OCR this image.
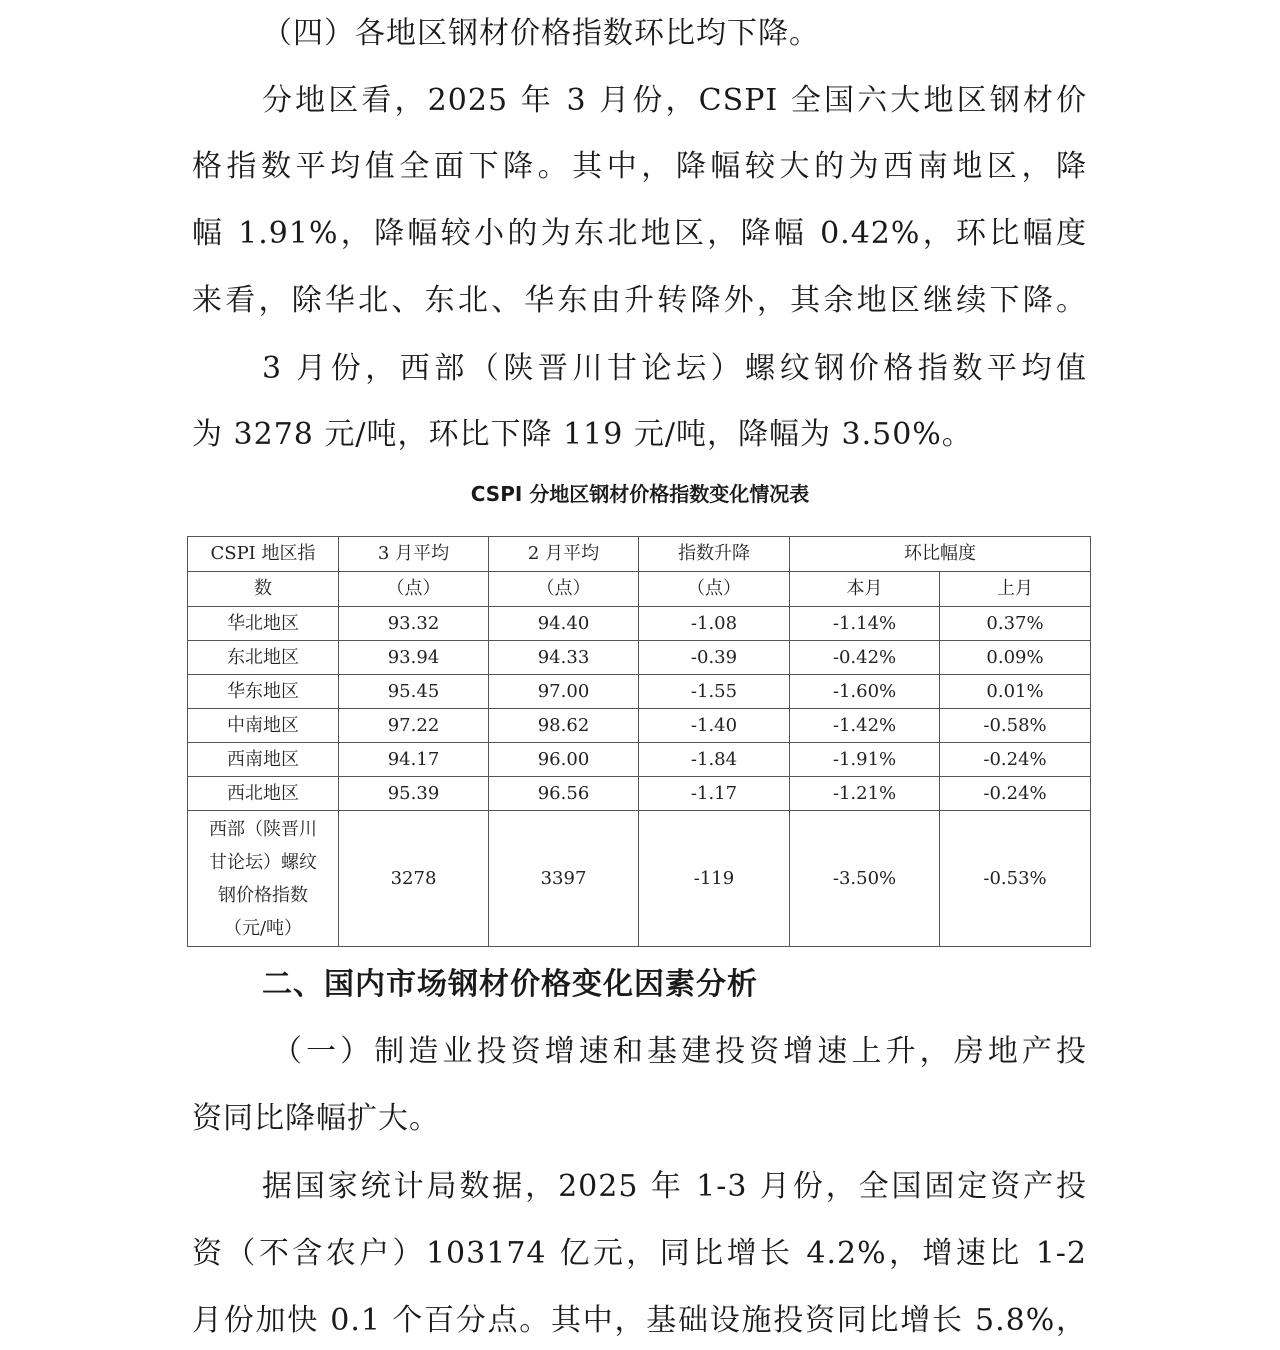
（四）各地区钢材价格指数环比均下降。

分地区看，2025 年 3 月份，CSPI 全国六大地区钢材价

格指数平均值全面下降。其中，降幅较大的为西南地区，降

幅 1.91%，降幅较小的为东北地区，降幅 0.42%，环比幅度

来看，除华北、东北、华东由升转降外，其余地区继续下降。

3 月份，西部（陕晋川甘论坛）螺纹钢价格指数平均值

为 3278 元/吨，环比下降 119 元/吨，降幅为 3.50%。

CSPI 分地区钢材价格指数变化情况表

CSPI 地区指	3 月平均	2 月平均	指数升降	环比幅度	
数	（点）	（点）	（点）	本月	上月
华北地区	93.32	94.40	-1.08	-1.14%	0.37%
东北地区	93.94	94.33	-0.39	-0.42%	0.09%
华东地区	95.45	97.00	-1.55	-1.60%	0.01%
中南地区	97.22	98.62	-1.40	-1.42%	-0.58%
西南地区	94.17	96.00	-1.84	-1.91%	-0.24%
西北地区	95.39	96.56	-1.17	-1.21%	-0.24%
西部（陕晋川
甘论坛）螺纹
钢价格指数
（元/吨）	3278	3397	-119	-3.50%	-0.53%

二、国内市场钢材价格变化因素分析

（一）制造业投资增速和基建投资增速上升，房地产投

资同比降幅扩大。

据国家统计局数据，2025 年 1-3 月份，全国固定资产投

资（不含农户）103174 亿元，同比增长 4.2%，增速比 1-2

月份加快 0.1 个百分点。其中，基础设施投资同比增长 5.8%，
